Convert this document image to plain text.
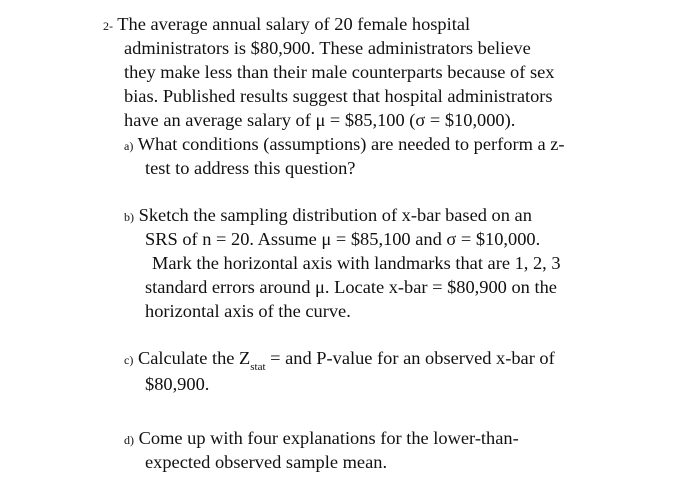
2- The average annual salary of 20 female hospital
administrators is $80,900. These administrators believe
they make less than their male counterparts because of sex
bias. Published results suggest that hospital administrators
have an average salary of μ = $85,100 (σ = $10,000).
a) What conditions (assumptions) are needed to perform a z-
test to address this question?
b) Sketch the sampling distribution of x-bar based on an
SRS of n = 20. Assume μ = $85,100 and σ = $10,000.
Mark the horizontal axis with landmarks that are 1, 2, 3
standard errors around μ. Locate x-bar = $80,900 on the
horizontal axis of the curve.
c) Calculate the $Z_{stat}$ = and P-value for an observed x-bar of
$80,900.
d) Come up with four explanations for the lower-than-
expected observed sample mean.
